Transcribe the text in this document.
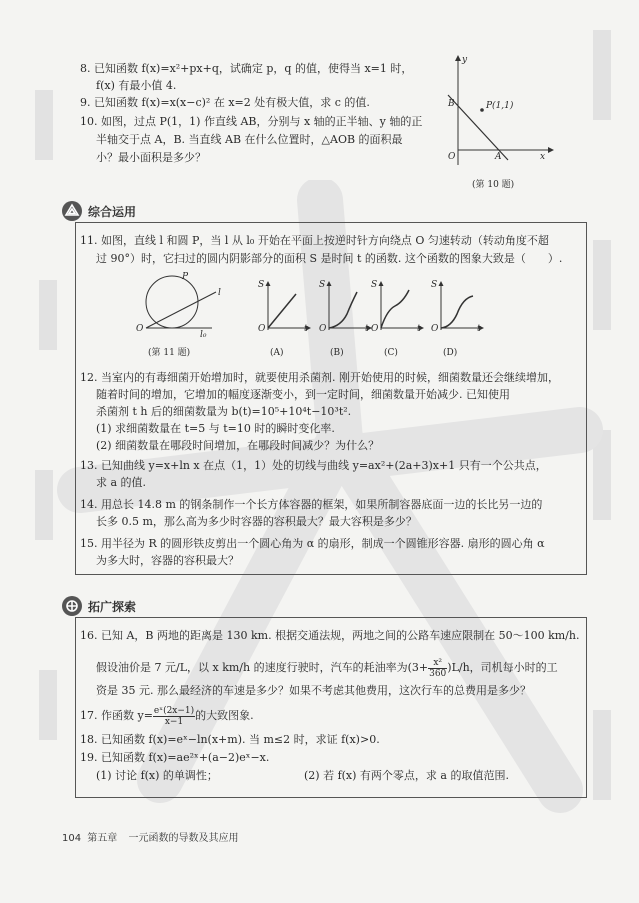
8. 已知函数 f(x)=x²+px+q，试确定 p，q 的值，使得当 x=1 时，
f(x) 有最小值 4.
9. 已知函数 f(x)=x(x−c)² 在 x=2 处有极大值，求 c 的值.
10. 如图，过点 P(1，1) 作直线 AB，分别与 x 轴的正半轴、y 轴的正
半轴交于点 A，B. 当直线 AB 在什么位置时，△AOB 的面积最
小？最小面积是多少？
y
x
O	A
B	P(1,1)
(第 10 题)
综合运用
11. 如图，直线 l 和圆 P，当 l 从 l₀ 开始在平面上按逆时针方向绕点 O 匀速转动（转动角度不超
过 90°）时，它扫过的圆内阴影部分的面积 S 是时间 t 的函数. 这个函数的图象大致是（　　）.
P
l
O
l₀
(第 11 题)
S
t
O
S
t
O
S
t
O
S
t
O
(A)	(B)	(C)	(D)
12. 当室内的有毒细菌开始增加时，就要使用杀菌剂. 刚开始使用的时候，细菌数量还会继续增加，
随着时间的增加，它增加的幅度逐渐变小，到一定时间，细菌数量开始减少. 已知使用
杀菌剂 t h 后的细菌数量为 b(t)=10⁵+10⁴t−10³t².
(1) 求细菌数量在 t=5 与 t=10 时的瞬时变化率.
(2) 细菌数量在哪段时间增加，在哪段时间减少？为什么？
13. 已知曲线 y=x+ln x 在点（1，1）处的切线与曲线 y=ax²+(2a+3)x+1 只有一个公共点，
求 a 的值.
14. 用总长 14.8 m 的钢条制作一个长方体容器的框架，如果所制容器底面一边的长比另一边的
长多 0.5 m，那么高为多少时容器的容积最大？最大容积是多少？
15. 用半径为 R 的圆形铁皮剪出一个圆心角为 α 的扇形，制成一个圆锥形容器. 扇形的圆心角 α
为多大时，容器的容积最大？
拓广探索
16. 已知 A，B 两地的距离是 130 km. 根据交通法规，两地之间的公路车速应限制在 50～100 km/h.
假设油价是 7 元/L，以 x km/h 的速度行驶时，汽车的耗油率为$(3+ \frac{\text{x²}}{360} )L/h$，司机每小时的工
资是 35 元. 那么最经济的车速是多少？如果不考虑其他费用，这次行车的总费用是多少？
17. 作函数 $y= \frac{\text{eˣ(2x−1)}}{x-1}$ 的大致图象.
18. 已知函数 f(x)=eˣ−ln(x+m). 当 m≤2 时，求证 f(x)>0.
19. 已知函数 f(x)=ae²ˣ+(a−2)eˣ−x.
(1) 讨论 f(x) 的单调性；	(2) 若 f(x) 有两个零点，求 a 的取值范围.
104 第五章 一元函数的导数及其应用
